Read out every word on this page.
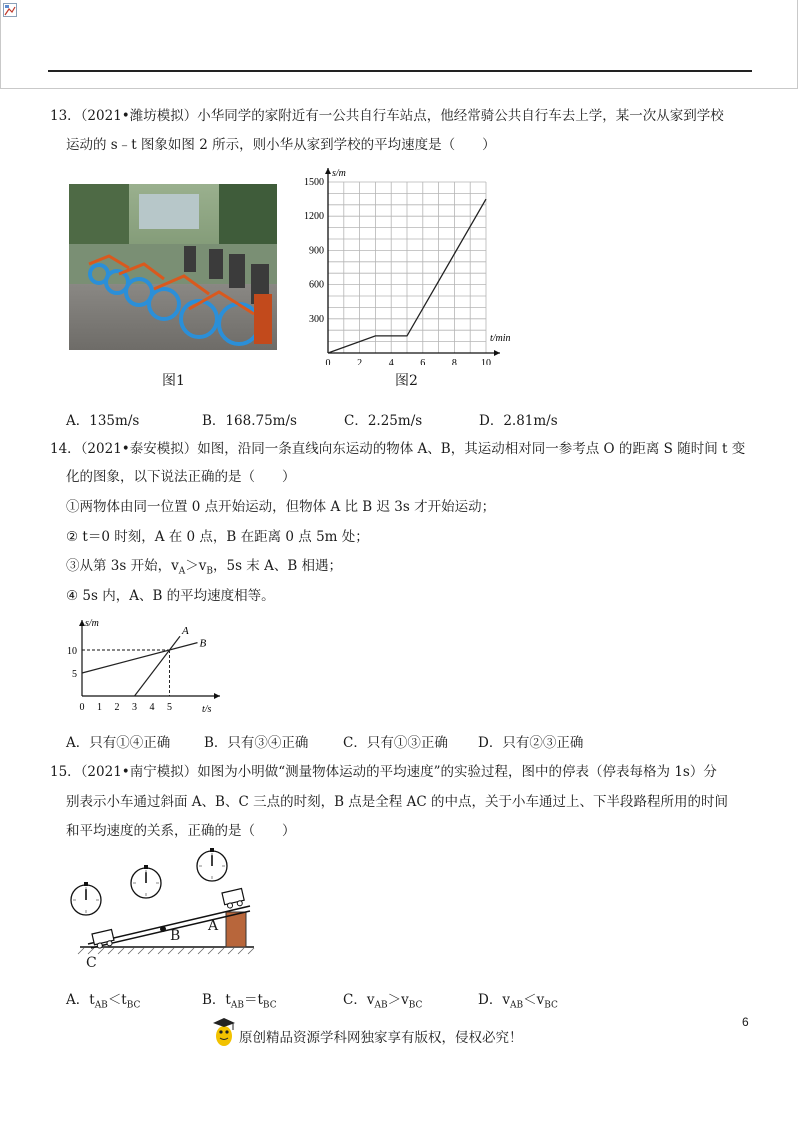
13．（2021•潍坊模拟）小华同学的家附近有一公共自行车站点，他经常骑公共自行车去上学，某一次从家到学校
运动的 s﹣t 图象如图 2 所示，则小华从家到学校的平均速度是（　　）
图1
0	2	4	6	8 10
300
600
900
1200
1500
s/m
t/min
图2
A．135m/s	B．168.75m/s	C．2.25m/s	D．2.81m/s
14．（2021•泰安模拟）如图，沿同一条直线向东运动的物体 A、B，其运动相对同一参考点 O 的距离 S 随时间 t 变
化的图象，以下说法正确的是（　　）
①两物体由同一位置 0 点开始运动，但物体 A 比 B 迟 3s 才开始运动；
② t＝0 时刻，A 在 0 点，B 在距离 0 点 5m 处；
③从第 3s 开始，$v_A>v_B$，5s 末 A、B 相遇；
④ 5s 内，A、B 的平均速度相等。
0 1 2 3 4 5
5
10
s/m
t/s
A
B
A．只有①④正确	B．只有③④正确	C．只有①③正确 D．只有②③正确
15．（2021•南宁模拟）如图为小明做“测量物体运动的平均速度”的实验过程，图中的停表（停表每格为 1s）分
别表示小车通过斜面 A、B、C 三点的时刻，B 点是全程 AC 的中点，关于小车通过上、下半段路程所用的时间
和平均速度的关系，正确的是（　　）
A
B
C
A．$t_{AB}<t_{BC}$	B．$t_{AB}=t_{BC}$	C．$v_{AB}>v_{BC}$	D．$v_{AB}<v_{BC}$
6
原创精品资源学科网独家享有版权，侵权必究！
